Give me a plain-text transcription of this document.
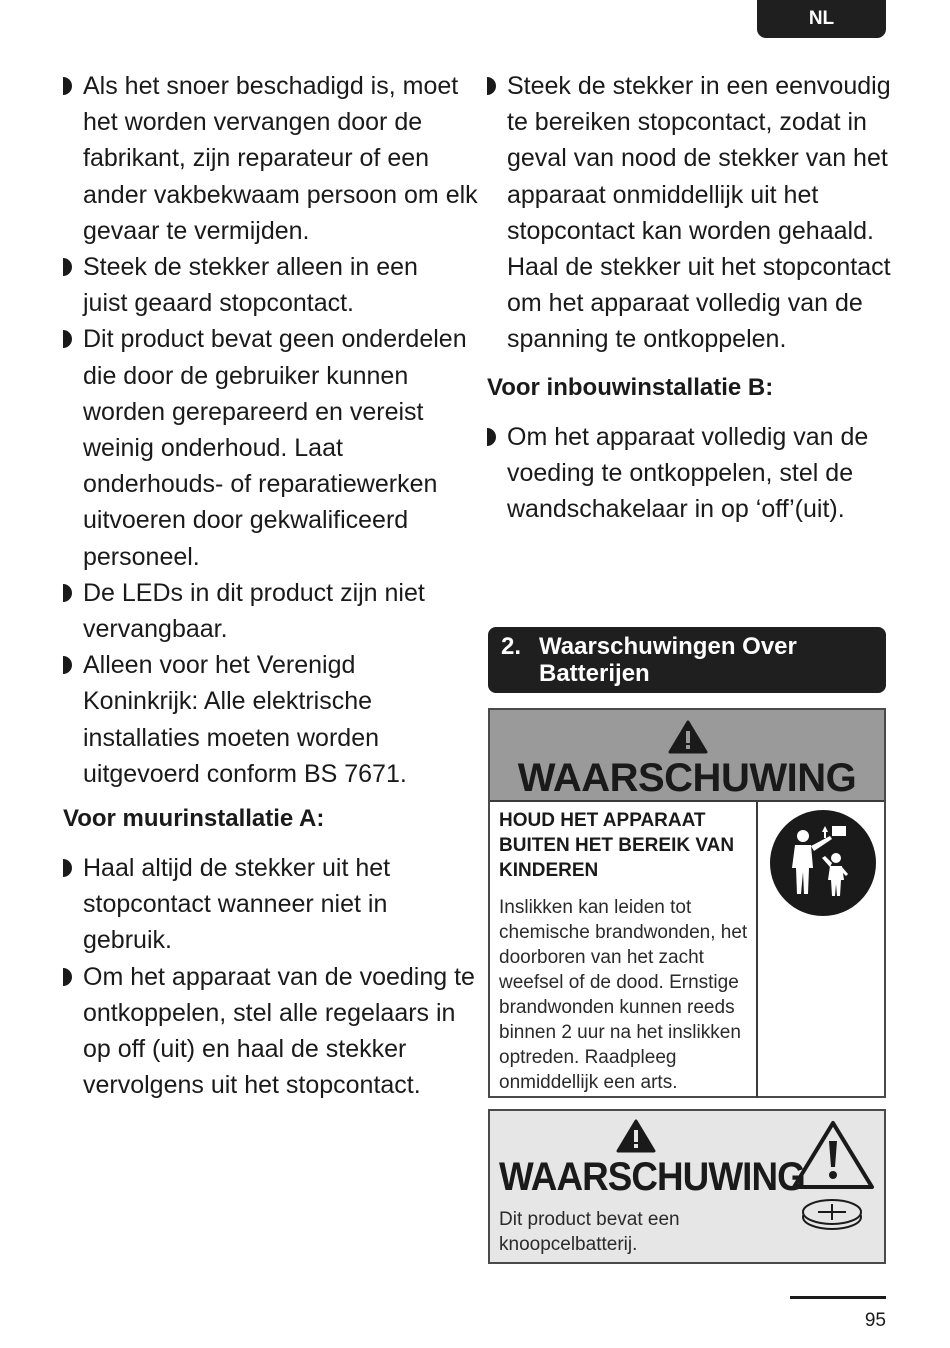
NL
Als het snoer beschadigd is, moet het worden vervangen door de fabrikant, zijn reparateur of een ander vakbekwaam persoon om elk gevaar te vermijden.
Steek de stekker alleen in een juist geaard stopcontact.
Dit product bevat geen onderdelen die door de gebruiker kunnen worden gerepareerd en vereist weinig onderhoud. Laat onderhouds- of reparatiewerken uitvoeren door gekwalificeerd personeel.
De LEDs in dit product zijn niet vervangbaar.
Alleen voor het Verenigd Koninkrijk: Alle elektrische installaties moeten worden uitgevoerd conform BS 7671.

Voor muurinstallatie A:

Haal altijd de stekker uit het stopcontact wanneer niet in gebruik.
Om het apparaat van de voeding te ontkoppelen, stel alle regelaars in op off (uit) en haal de stekker vervolgens uit het stopcontact.
Steek de stekker in een eenvoudig te bereiken stopcontact, zodat in geval van nood de stekker van het apparaat onmiddellijk uit het stopcontact kan worden gehaald. Haal de stekker uit het stopcontact om het apparaat volledig van de spanning te ontkoppelen.

Voor inbouwinstallatie B:

Om het apparaat volledig van de voeding te ontkoppelen, stel de wandschakelaar in op ‘off’(uit).
2. Waarschuwingen Over Batterijen
WAARSCHUWING

HOUD HET APPARAAT BUITEN HET BEREIK VAN KINDEREN

Inslikken kan leiden tot chemische brandwonden, het doorboren van het zacht weefsel of de dood. Ernstige brandwonden kunnen reeds binnen 2 uur na het inslikken optreden. Raadpleeg onmiddellijk een arts.

WAARSCHUWING
Dit product bevat een knoopcelbatterij.
95
